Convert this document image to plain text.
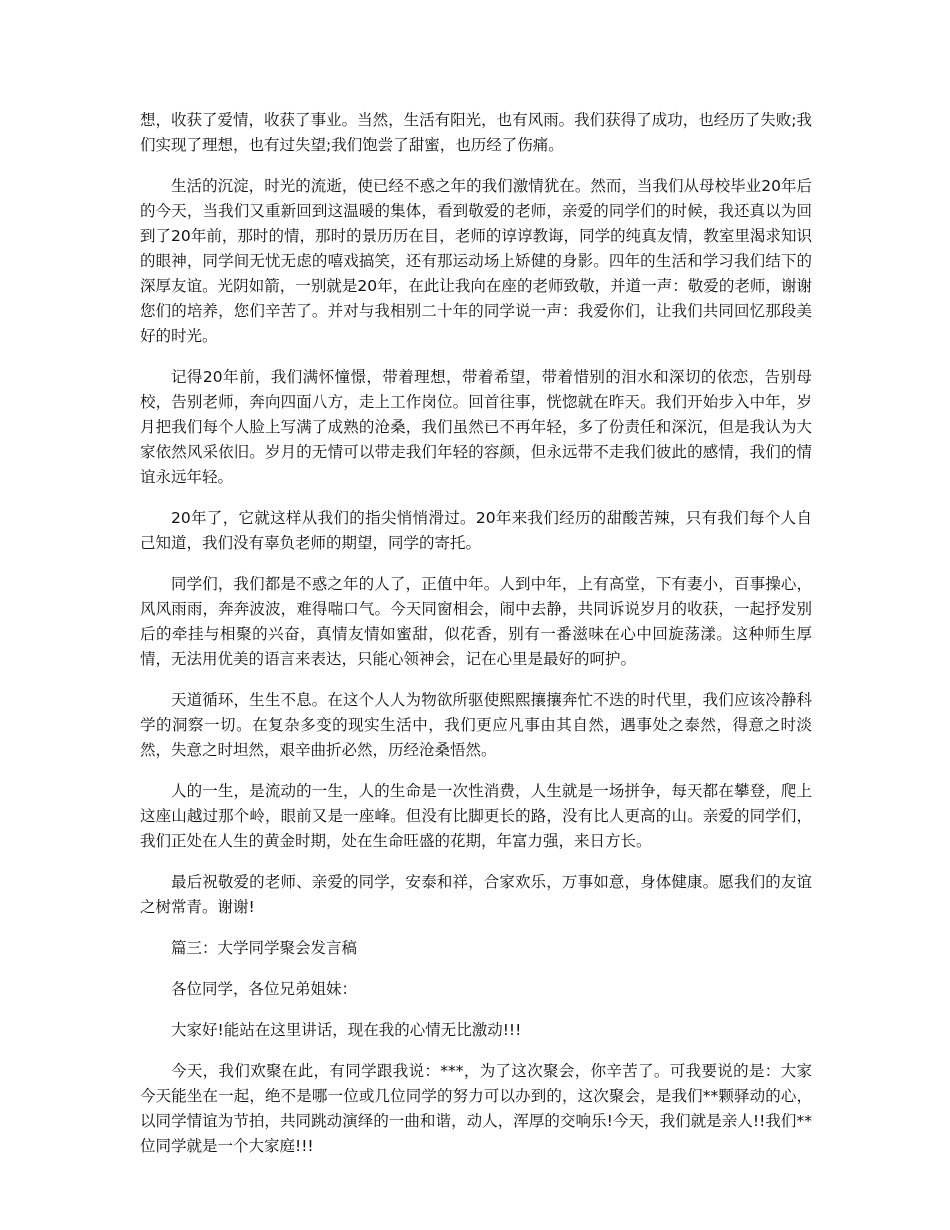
想，收获了爱情，收获了事业。当然，生活有阳光，也有风雨。我们获得了成功，也经历了失败;我们实现了理想，也有过失望;我们饱尝了甜蜜，也历经了伤痛。

生活的沉淀，时光的流逝，使已经不惑之年的我们激情犹在。然而，当我们从母校毕业20年后的今天，当我们又重新回到这温暖的集体，看到敬爱的老师，亲爱的同学们的时候，我还真以为回到了20年前，那时的情，那时的景历历在目，老师的谆谆教诲，同学的纯真友情，教室里渴求知识的眼神，同学间无忧无虑的嘻戏搞笑，还有那运动场上矫健的身影。四年的生活和学习我们结下的深厚友谊。光阴如箭，一别就是20年，在此让我向在座的老师致敬，并道一声：敬爱的老师，谢谢您们的培养，您们辛苦了。并对与我相别二十年的同学说一声：我爱你们，让我们共同回忆那段美好的时光。

记得20年前，我们满怀憧憬，带着理想，带着希望，带着惜别的泪水和深切的依恋，告别母校，告别老师，奔向四面八方，走上工作岗位。回首往事，恍惚就在昨天。我们开始步入中年，岁月把我们每个人脸上写满了成熟的沧桑，我们虽然已不再年轻，多了份责任和深沉，但是我认为大家依然风采依旧。岁月的无情可以带走我们年轻的容颜，但永远带不走我们彼此的感情，我们的情谊永远年轻。

20年了，它就这样从我们的指尖悄悄滑过。20年来我们经历的甜酸苦辣，只有我们每个人自己知道，我们没有辜负老师的期望，同学的寄托。

同学们，我们都是不惑之年的人了，正值中年。人到中年，上有高堂，下有妻小，百事操心，风风雨雨，奔奔波波，难得喘口气。今天同窗相会，闹中去静，共同诉说岁月的收获，一起抒发别后的牵挂与相聚的兴奋，真情友情如蜜甜，似花香，别有一番滋味在心中回旋荡漾。这种师生厚情，无法用优美的语言来表达，只能心领神会，记在心里是最好的呵护。

天道循环，生生不息。在这个人人为物欲所驱使熙熙攘攘奔忙不迭的时代里，我们应该冷静科学的洞察一切。在复杂多变的现实生活中，我们更应凡事由其自然，遇事处之泰然，得意之时淡然，失意之时坦然，艰辛曲折必然，历经沧桑悟然。

人的一生，是流动的一生，人的生命是一次性消费，人生就是一场拼争，每天都在攀登，爬上这座山越过那个岭，眼前又是一座峰。但没有比脚更长的路，没有比人更高的山。亲爱的同学们，我们正处在人生的黄金时期，处在生命旺盛的花期，年富力强，来日方长。

最后祝敬爱的老师、亲爱的同学，安泰和祥，合家欢乐，万事如意，身体健康。愿我们的友谊之树常青。谢谢!

篇三：大学同学聚会发言稿

各位同学，各位兄弟姐妹：

大家好!能站在这里讲话，现在我的心情无比激动!!!

今天，我们欢聚在此，有同学跟我说：***，为了这次聚会，你辛苦了。可我要说的是：大家今天能坐在一起，绝不是哪一位或几位同学的努力可以办到的，这次聚会，是我们**颗驿动的心，以同学情谊为节拍，共同跳动演绎的一曲和谐，动人，浑厚的交响乐!今天，我们就是亲人!!我们**位同学就是一个大家庭!!!
